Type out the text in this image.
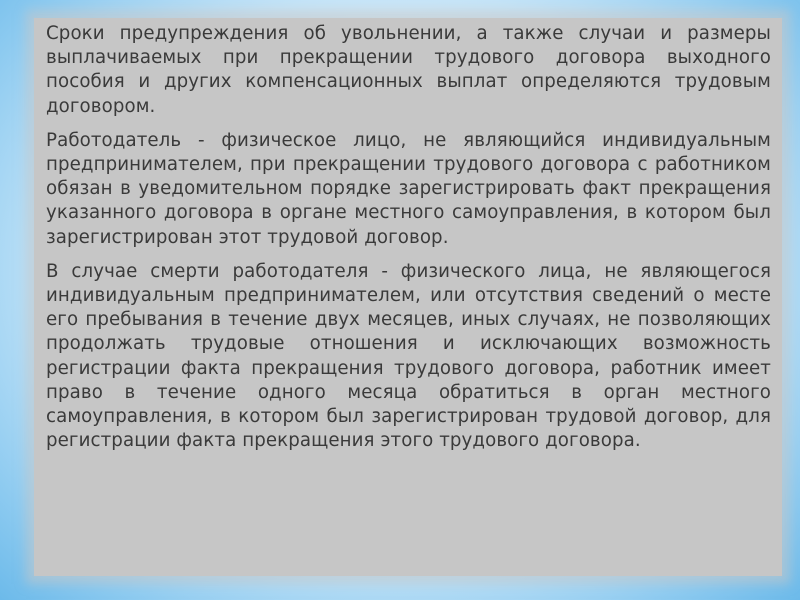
Сроки предупреждения об увольнении, а также случаи и размеры выплачиваемых при прекращении трудового договора выходного пособия и других компенсационных выплат определяются трудовым договором.

Работодатель - физическое лицо, не являющийся индивидуальным предпринимателем, при прекращении трудового договора с работником обязан в уведомительном порядке зарегистрировать факт прекращения указанного договора в органе местного самоуправления, в котором был зарегистрирован этот трудовой договор.

В случае смерти работодателя - физического лица, не являющегося индивидуальным предпринимателем, или отсутствия сведений о месте его пребывания в течение двух месяцев, иных случаях, не позволяющих продолжать трудовые отношения и исключающих возможность регистрации факта прекращения трудового договора, работник имеет право в течение одного месяца обратиться в орган местного самоуправления, в котором был зарегистрирован трудовой договор, для регистрации факта прекращения этого трудового договора.
